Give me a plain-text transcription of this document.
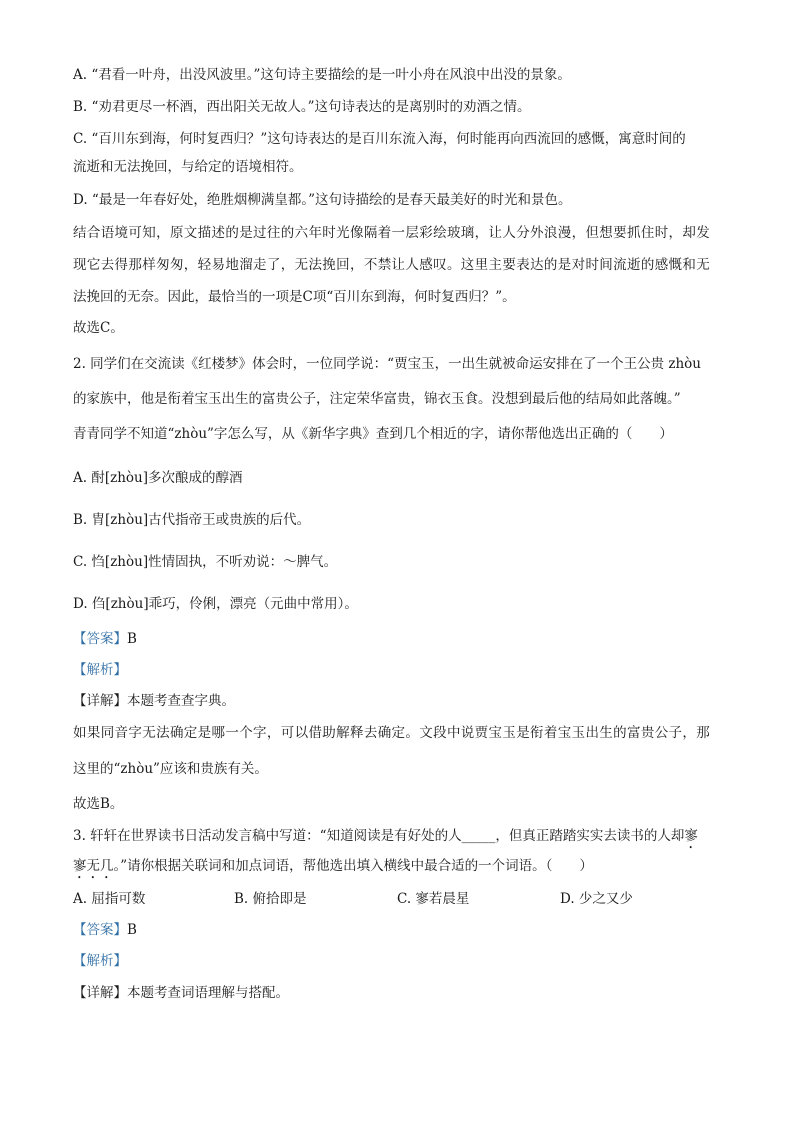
A. “君看一叶舟，出没风波里。”这句诗主要描绘的是一叶小舟在风浪中出没的景象。
B. “劝君更尽一杯酒，西出阳关无故人。”这句诗表达的是离别时的劝酒之情。
C. “百川东到海，何时复西归？”这句诗表达的是百川东流入海，何时能再向西流回的感慨，寓意时间的
流逝和无法挽回，与给定的语境相符。
D. “最是一年春好处，绝胜烟柳满皇都。”这句诗描绘的是春天最美好的时光和景色。
结合语境可知，原文描述的是过往的六年时光像隔着一层彩绘玻璃，让人分外浪漫，但想要抓住时，却发
现它去得那样匆匆，轻易地溜走了，无法挽回，不禁让人感叹。这里主要表达的是对时间流逝的感慨和无
法挽回的无奈。因此，最恰当的一项是C项“百川东到海，何时复西归？”。
故选C。
2. 同学们在交流读《红楼梦》体会时，一位同学说：“贾宝玉，一出生就被命运安排在了一个王公贵 zhòu
的家族中，他是衔着宝玉出生的富贵公子，注定荣华富贵，锦衣玉食。没想到最后他的结局如此落魄。”
青青同学不知道“zhòu”字怎么写，从《新华字典》查到几个相近的字，请你帮他选出正确的（　　）
A. 酎[zhòu]多次酿成的醇酒
B. 胄[zhòu]古代指帝王或贵族的后代。
C. 㤘[zhòu]性情固执，不听劝说：～脾气。
D. 㑇[zhòu]乖巧，伶俐，漂亮（元曲中常用）。
【答案】B
【解析】
【详解】本题考查查字典。
如果同音字无法确定是哪一个字，可以借助解释去确定。文段中说贾宝玉是衔着宝玉出生的富贵公子，那
这里的“zhòu”应该和贵族有关。
故选B。
3. 轩轩在世界读书日活动发言稿中写道：“知道阅读是有好处的人_____，但真正踏踏实实去读书的人却寥
寥无几。”请你根据关联词和加点词语，帮他选出填入横线中最合适的一个词语。（　　）
A. 屈指可数	B. 俯拾即是	C. 寥若晨星	D. 少之又少
【答案】B
【解析】
【详解】本题考查词语理解与搭配。
